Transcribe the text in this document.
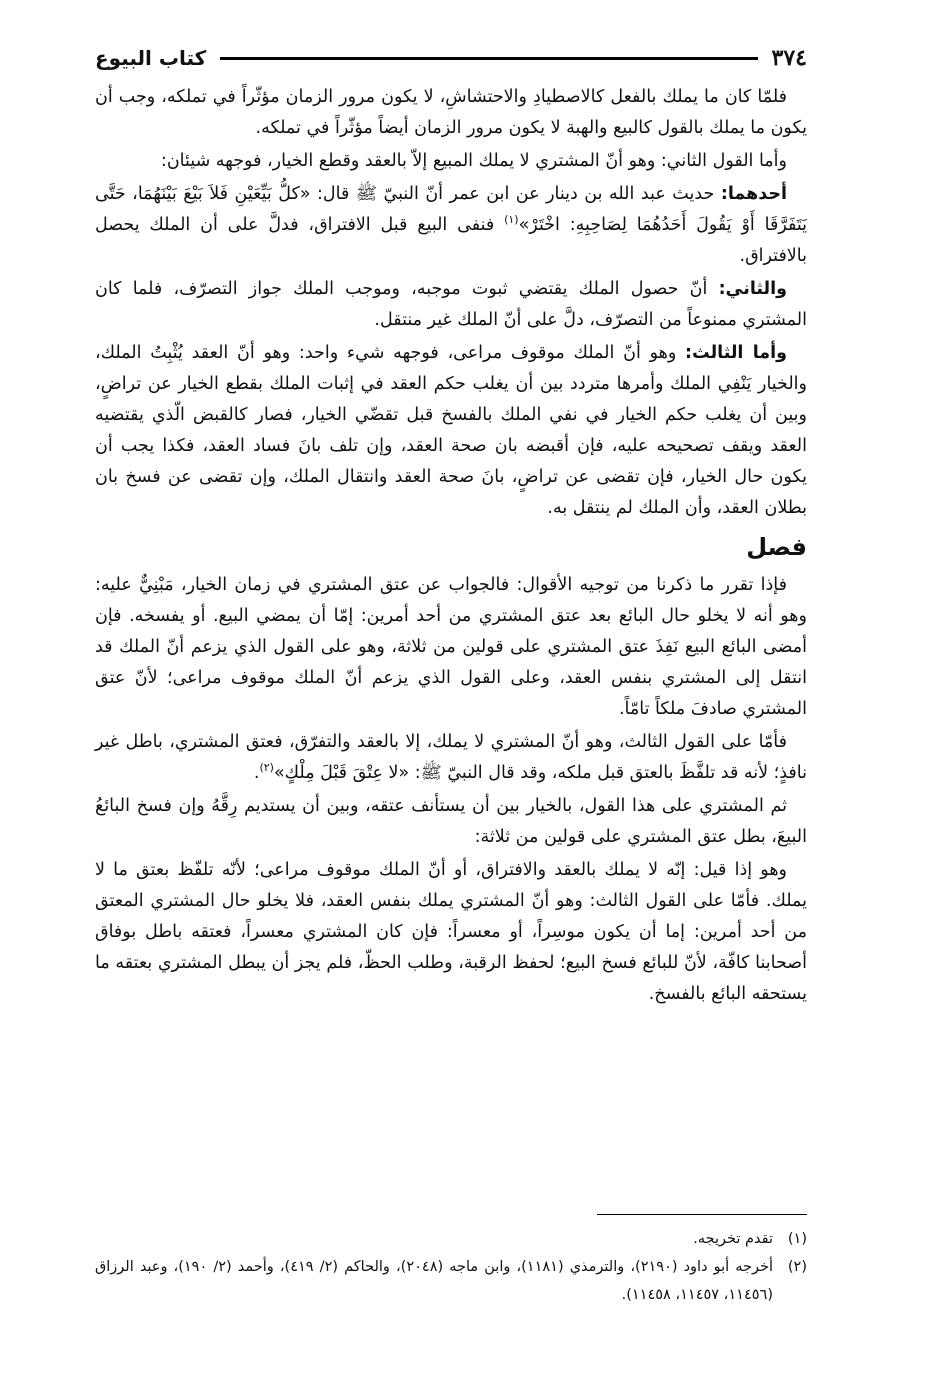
٣٧٤
كتاب البيوع

فلمّا كان ما يملك بالفعل كالاصطيادِ والاحتشاشِ، لا يكون مرور الزمان مؤثّراً في تملكه، وجب أن يكون ما يملك بالقول كالبيع والهبة لا يكون مرور الزمان أيضاً مؤثّراً في تملكه.

وأما القول الثاني: وهو أنّ المشتري لا يملك المبيع إلاّ بالعقد وقطع الخيار، فوجهه شيئان:

أحدهما: حديث عبد الله بن دينار عن ابن عمر أنّ النبيّ ﷺ قال: «كلُّ بَيِّعَيْنِ فَلاَ بَيْعَ بَيْنَهُمَا، حَتَّى يَتَفَرَّقَا أَوْ يَقُولَ أَحَدُهُمَا لِصَاحِبِهِ: اخْتَرْ»$^{(١)}$ فنفى البيع قبل الافتراق، فدلَّ على أن الملك يحصل بالافتراق.

والثاني: أنّ حصول الملك يقتضي ثبوت موجبه، وموجب الملك جواز التصرّف، فلما كان المشتري ممنوعاً من التصرّف، دلَّ على أنّ الملك غير منتقل.

وأما الثالث: وهو أنّ الملك موقوف مراعى، فوجهه شيء واحد: وهو أنّ العقد يُثْبِتُ الملك، والخيار يَنْفِي الملك وأمرها متردد بين أن يغلب حكم العقد في إثبات الملك بقطع الخيار عن تراضٍ، وبين أن يغلب حكم الخيار في نفي الملك بالفسخ قبل تقضّي الخيار، فصار كالقبض الّذي يقتضيه العقد ويقف تصحيحه عليه، فإن أقبضه بان صحة العقد، وإن تلف بانَ فساد العقد، فكذا يجب أن يكون حال الخيار، فإن تقضى عن تراضٍ، بانَ صحة العقد وانتقال الملك، وإن تقضى عن فسخ بان بطلان العقد، وأن الملك لم ينتقل به.

فصل

فإذا تقرر ما ذكرنا من توجيه الأقوال: فالجواب عن عتق المشتري في زمان الخيار، مَبْنِيٌّ عليه: وهو أنه لا يخلو حال البائع بعد عتق المشتري من أحد أمرين: إمّا أن يمضي البيع. أو يفسخه. فإن أمضى البائع البيع نَفِذَ عتق المشتري على قولين من ثلاثة، وهو على القول الذي يزعم أنّ الملك قد انتقل إلى المشتري بنفس العقد، وعلى القول الذي يزعم أنّ الملك موقوف مراعى؛ لأنّ عتق المشتري صادفَ ملكاً تامّاً.

فأمّا على القول الثالث، وهو أنّ المشتري لا يملك، إلا بالعقد والتفرّق، فعتق المشتري، باطل غير نافذٍ؛ لأنه قد تلفَّظَ بالعتق قبل ملكه، وقد قال النبيّ ﷺ: «لا عِتْقَ قَبْلَ مِلْكٍ»$^{(٢)}$.

ثم المشتري على هذا القول، بالخيار بين أن يستأنف عتقه، وبين أن يستديم رِقَّهُ وإن فسخ البائعُ البيعَ، بطل عتق المشتري على قولين من ثلاثة:

وهو إذا قيل: إنّه لا يملك بالعقد والافتراق، أو أنّ الملك موقوف مراعى؛ لأنّه تلفّظ بعتق ما لا يملك. فأمّا على القول الثالث: وهو أنّ المشتري يملك بنفس العقد، فلا يخلو حال المشتري المعتق من أحد أمرين: إما أن يكون موسِراً، أو معسراً: فإن كان المشتري معسراً، فعتقه باطل بوفاق أصحابنا كافّة، لأنّ للبائع فسخ البيع؛ لحفظ الرقبة، وطلب الحظّ، فلم يجز أن يبطل المشتري بعتقه ما يستحقه البائع بالفسخ.

(١)
تقدم تخريجه.
(٢)
أخرجه أبو داود (٢١٩٠)، والترمذي (١١٨١)، وابن ماجه (٢٠٤٨)، والحاكم (٢/ ٤١٩)، وأحمد (٢/ ١٩٠)، وعبد الرزاق (١١٤٥٦، ١١٤٥٧، ١١٤٥٨).
